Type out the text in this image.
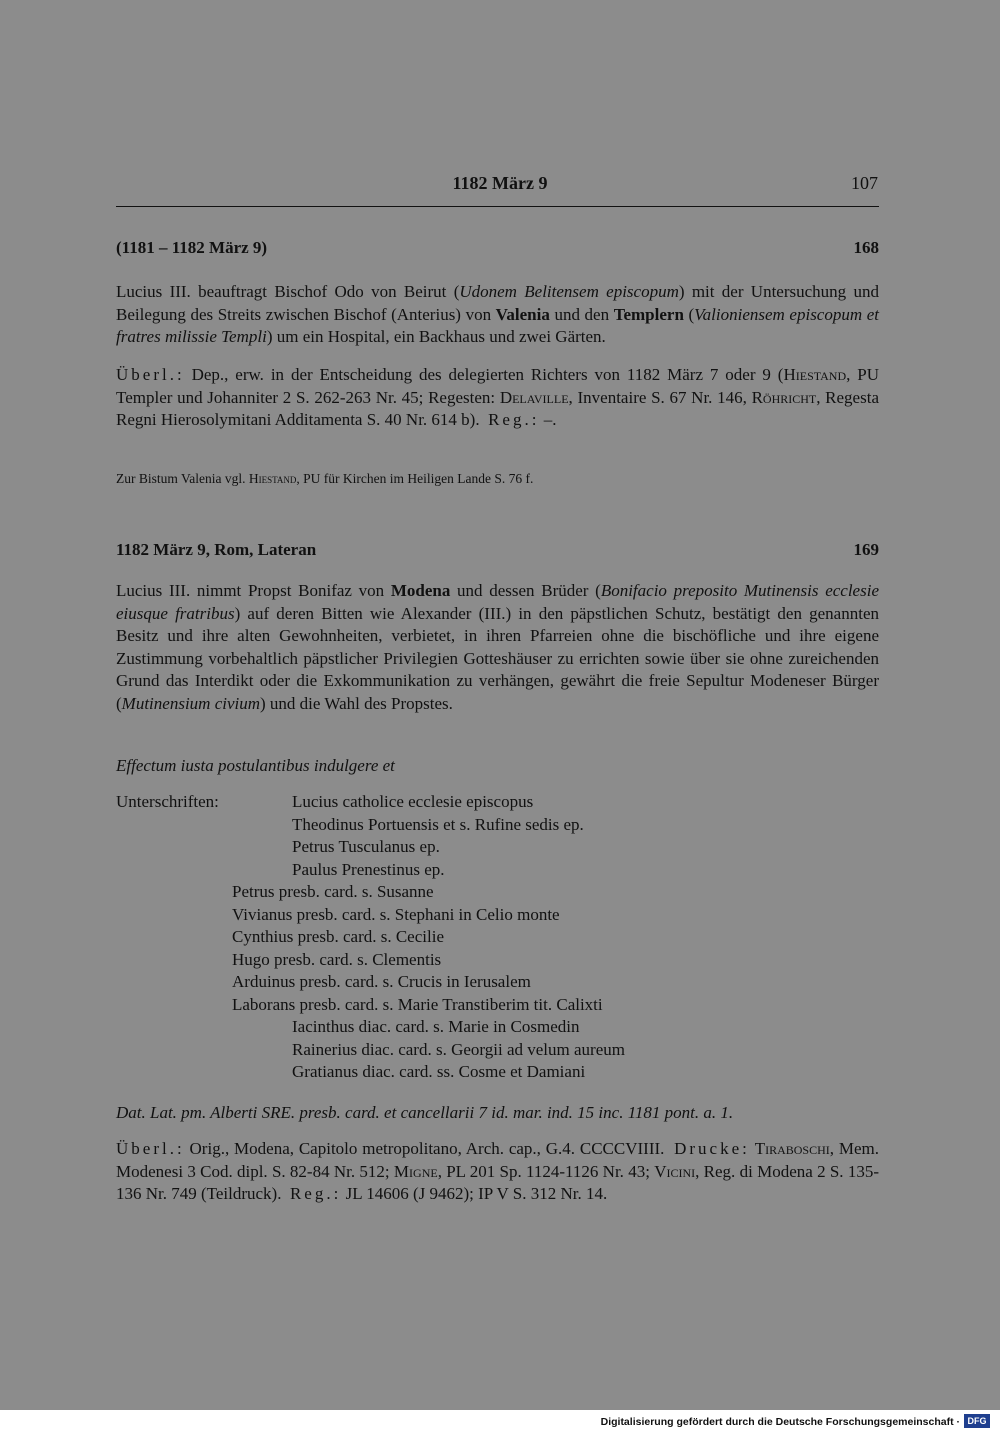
1182 März 9	107
(1181 – 1182 März 9)	168
Lucius III. beauftragt Bischof Odo von Beirut (Udonem Belitensem episcopum) mit der Untersuchung und Beilegung des Streits zwischen Bischof (Anterius) von Valenia und den Templern (Valioniensem episcopum et fratres milissie Templi) um ein Hospital, ein Backhaus und zwei Gärten.
Überl.: Dep., erw. in der Entscheidung des delegierten Richters von 1182 März 7 oder 9 (Hiestand, PU Templer und Johanniter 2 S. 262-263 Nr. 45; Regesten: Delaville, Inventaire S. 67 Nr. 146, Röhricht, Regesta Regni Hierosolymitani Additamenta S. 40 Nr. 614 b). Reg.: –.
Zur Bistum Valenia vgl. Hiestand, PU für Kirchen im Heiligen Lande S. 76 f.
1182 März 9, Rom, Lateran	169
Lucius III. nimmt Propst Bonifaz von Modena und dessen Brüder (Bonifacio preposito Mutinensis ecclesie eiusque fratribus) auf deren Bitten wie Alexander (III.) in den päpstlichen Schutz, bestätigt den genannten Besitz und ihre alten Gewohnheiten, verbietet, in ihren Pfarreien ohne die bischöfliche und ihre eigene Zustimmung vorbehaltlich päpstlicher Privilegien Gotteshäuser zu errichten sowie über sie ohne zureichenden Grund das Interdikt oder die Exkommunikation zu verhängen, gewährt die freie Sepultur Modeneser Bürger (Mutinensium civium) und die Wahl des Propstes.
Effectum iusta postulantibus indulgere et
Unterschriften:	Lucius catholice ecclesie episcopus
Theodinus Portuensis et s. Rufine sedis ep.
Petrus Tusculanus ep.
Paulus Prenestinus ep.
Petrus presb. card. s. Susanne
Vivianus presb. card. s. Stephani in Celio monte
Cynthius presb. card. s. Cecilie
Hugo presb. card. s. Clementis
Arduinus presb. card. s. Crucis in Ierusalem
Laborans presb. card. s. Marie Transtiberim tit. Calixti
Iacinthus diac. card. s. Marie in Cosmedin
Rainerius diac. card. s. Georgii ad velum aureum
Gratianus diac. card. ss. Cosme et Damiani
Dat. Lat. pm. Alberti SRE. presb. card. et cancellarii 7 id. mar. ind. 15 inc. 1181 pont. a. 1.
Überl.: Orig., Modena, Capitolo metropolitano, Arch. cap., G.4. CCCCVIIII. Drucke: Tiraboschi, Mem. Modenesi 3 Cod. dipl. S. 82-84 Nr. 512; Migne, PL 201 Sp. 1124-1126 Nr. 43; Vicini, Reg. di Modena 2 S. 135-136 Nr. 749 (Teildruck). Reg.: JL 14606 (J 9462); IP V S. 312 Nr. 14.
Digitalisierung gefördert durch die Deutsche Forschungsgemeinschaft · DFG
